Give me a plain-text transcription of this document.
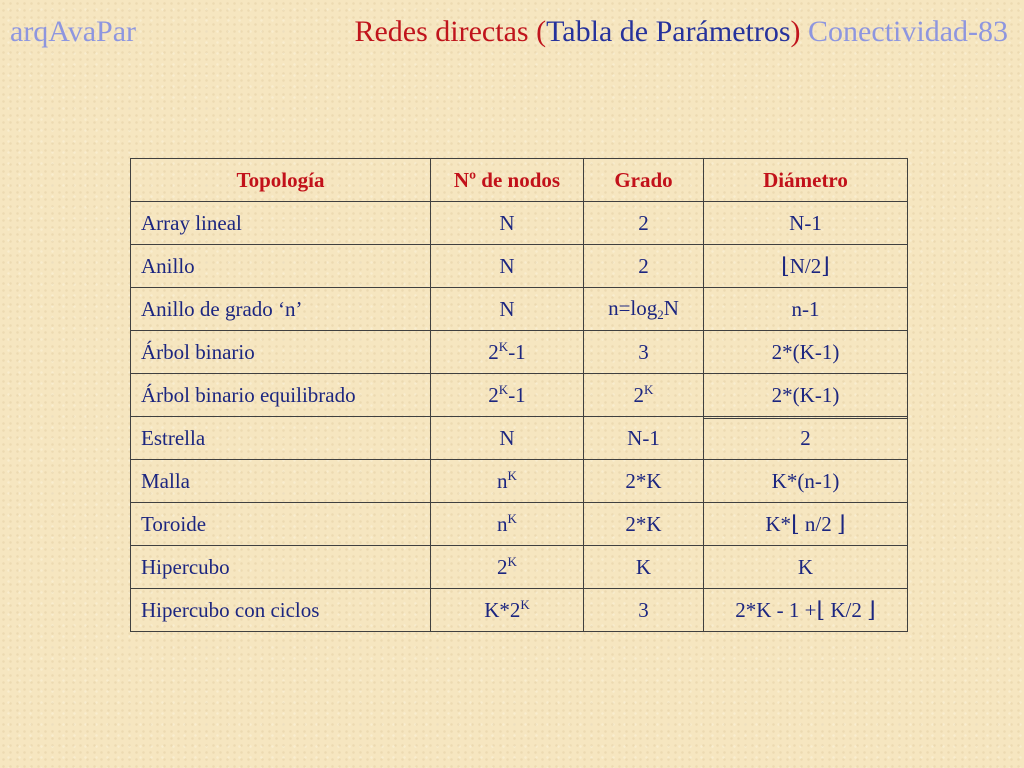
arqAvaPar	Redes directas (Tabla de Parámetros) Conectividad-83
Topología	Nº de nodos	Grado	Diámetro
Array lineal	N	2	N-1
Anillo	N	2	⌊N/2⌋
Anillo de grado ‘n’	N	$n=\log_2N$	n-1
Árbol binario	$2^K-1$	3	2*(K-1)
Árbol binario equilibrado	$2^K-1$	$2^K$	2*(K-1)
Estrella	N	N-1	2
Malla	$n^K$	2*K	K*(n-1)
Toroide	$n^K$	2*K	K*⌊ n/2 ⌋
Hipercubo	$2^K$	K	K
Hipercubo con ciclos	$K*2^K$	3	2*K - 1 +⌊ K/2 ⌋
